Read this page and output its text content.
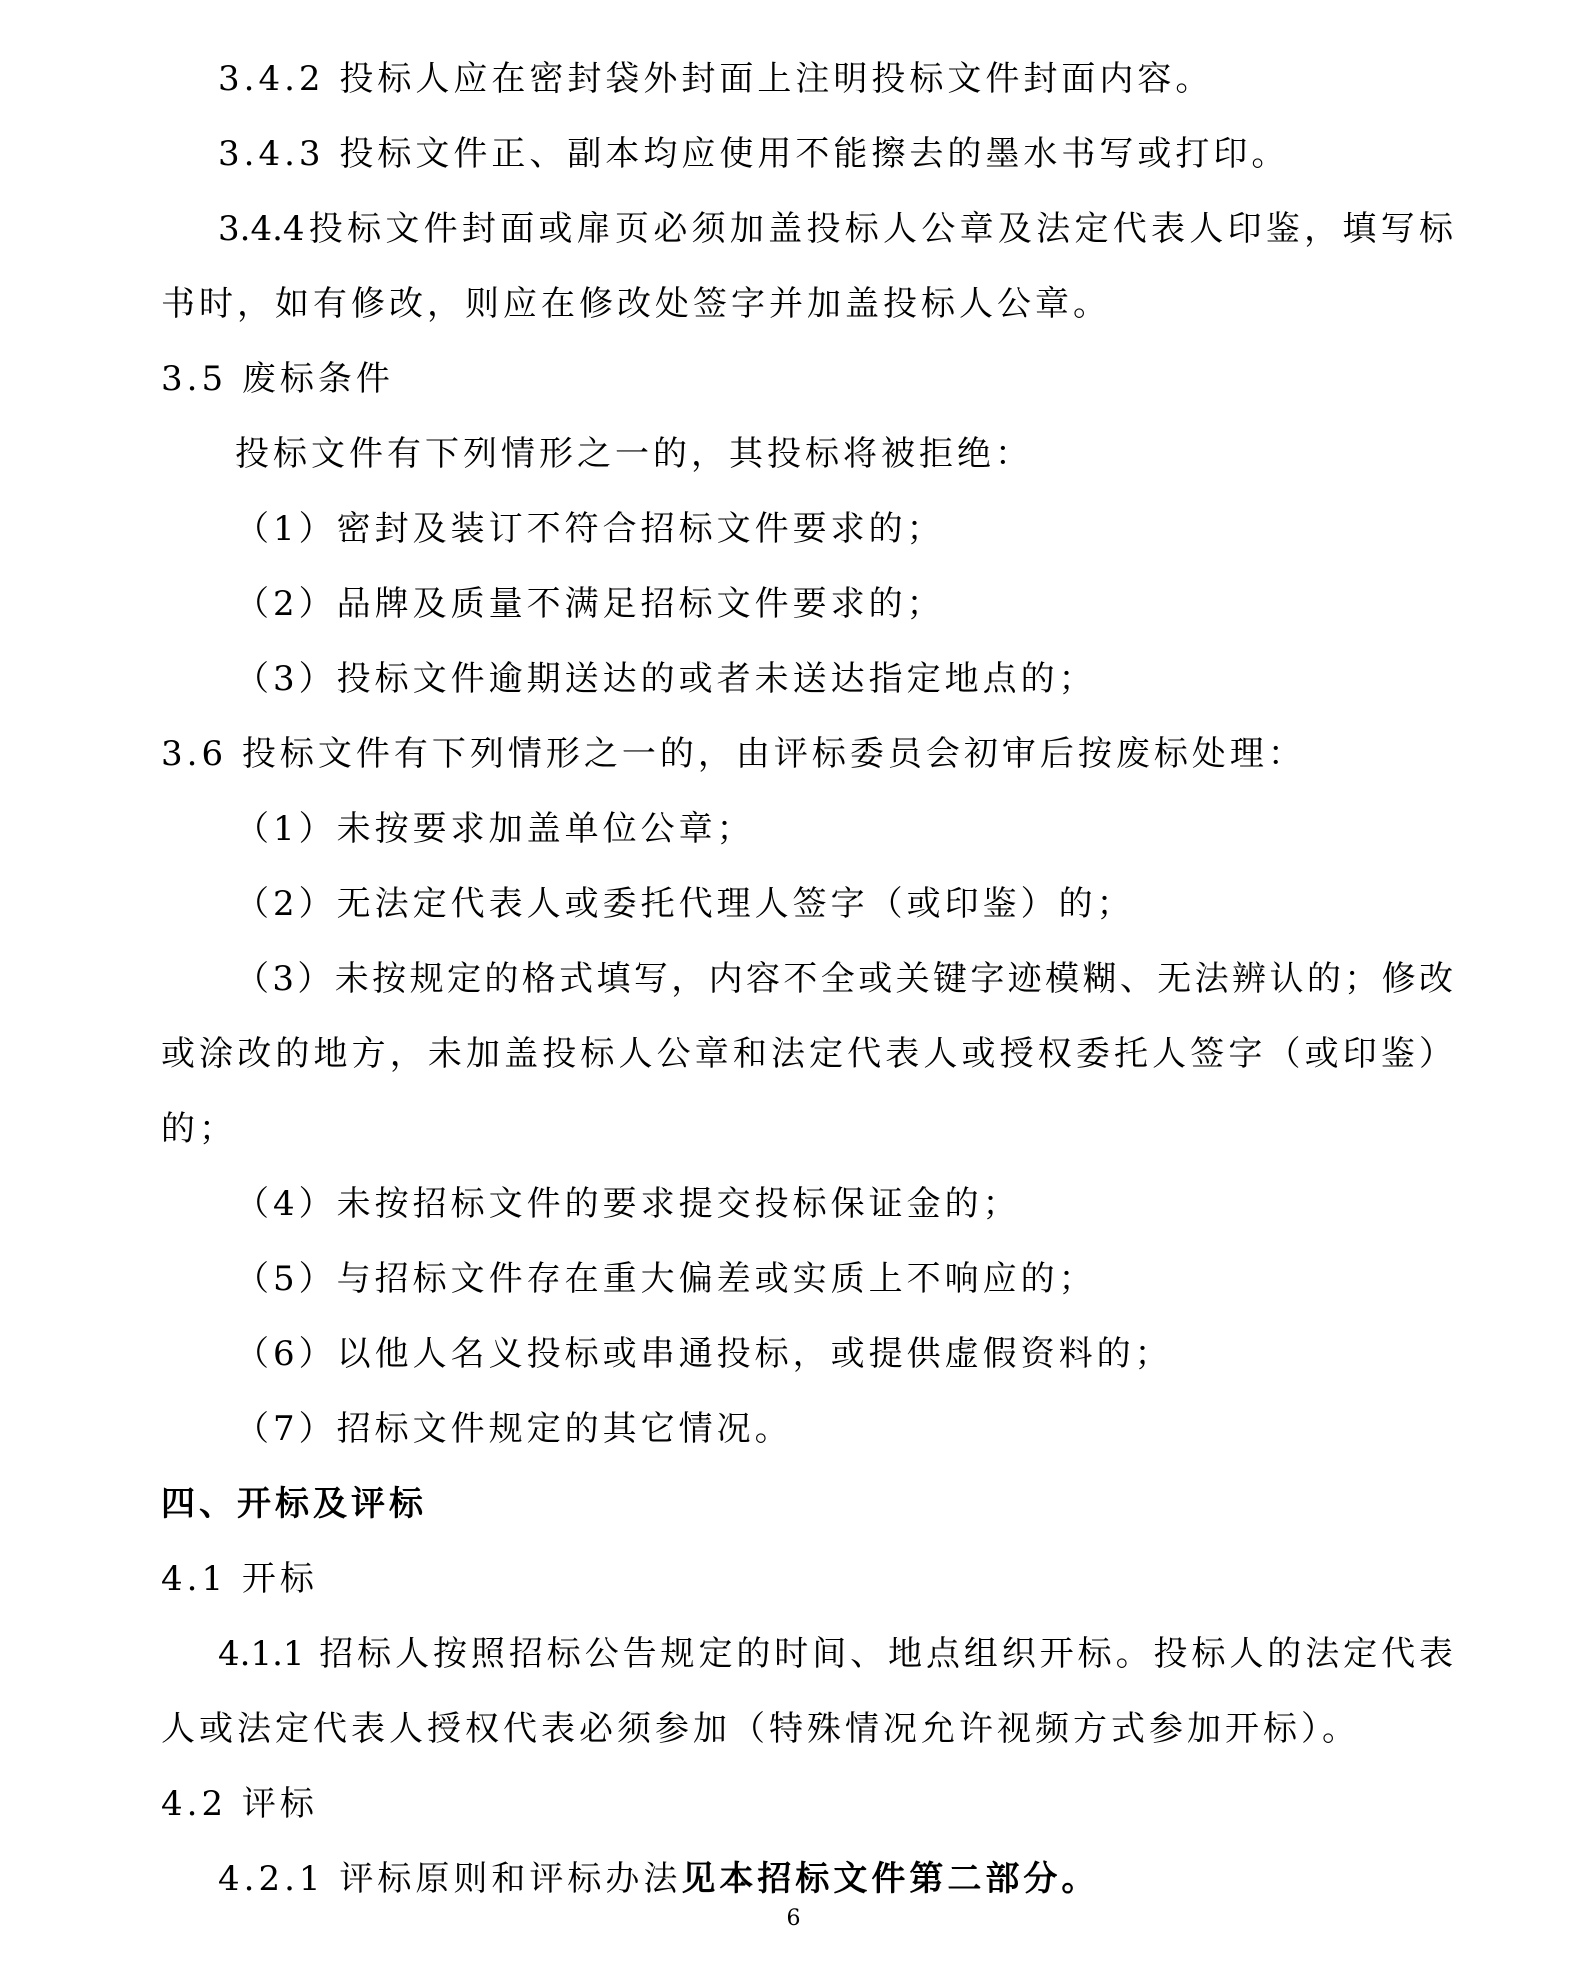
3.4.2 投标人应在密封袋外封面上注明投标文件封面内容。
3.4.3 投标文件正、副本均应使用不能擦去的墨水书写或打印。
3.4.4投标文件封面或扉页必须加盖投标人公章及法定代表人印鉴，填写标
书时，如有修改，则应在修改处签字并加盖投标人公章。
3.5 废标条件
投标文件有下列情形之一的，其投标将被拒绝：
（1）密封及装订不符合招标文件要求的；
（2）品牌及质量不满足招标文件要求的；
（3）投标文件逾期送达的或者未送达指定地点的；
3.6 投标文件有下列情形之一的，由评标委员会初审后按废标处理：
（1）未按要求加盖单位公章；
（2）无法定代表人或委托代理人签字（或印鉴）的；
（3）未按规定的格式填写，内容不全或关键字迹模糊、无法辨认的；修改
或涂改的地方，未加盖投标人公章和法定代表人或授权委托人签字（或印鉴）
的；
（4）未按招标文件的要求提交投标保证金的；
（5）与招标文件存在重大偏差或实质上不响应的；
（6）以他人名义投标或串通投标，或提供虚假资料的；
（7）招标文件规定的其它情况。
四、开标及评标
4.1 开标
4.1.1 招标人按照招标公告规定的时间、地点组织开标。投标人的法定代表
人或法定代表人授权代表必须参加（特殊情况允许视频方式参加开标）。
4.2 评标
4.2.1 评标原则和评标办法见本招标文件第二部分。
6
